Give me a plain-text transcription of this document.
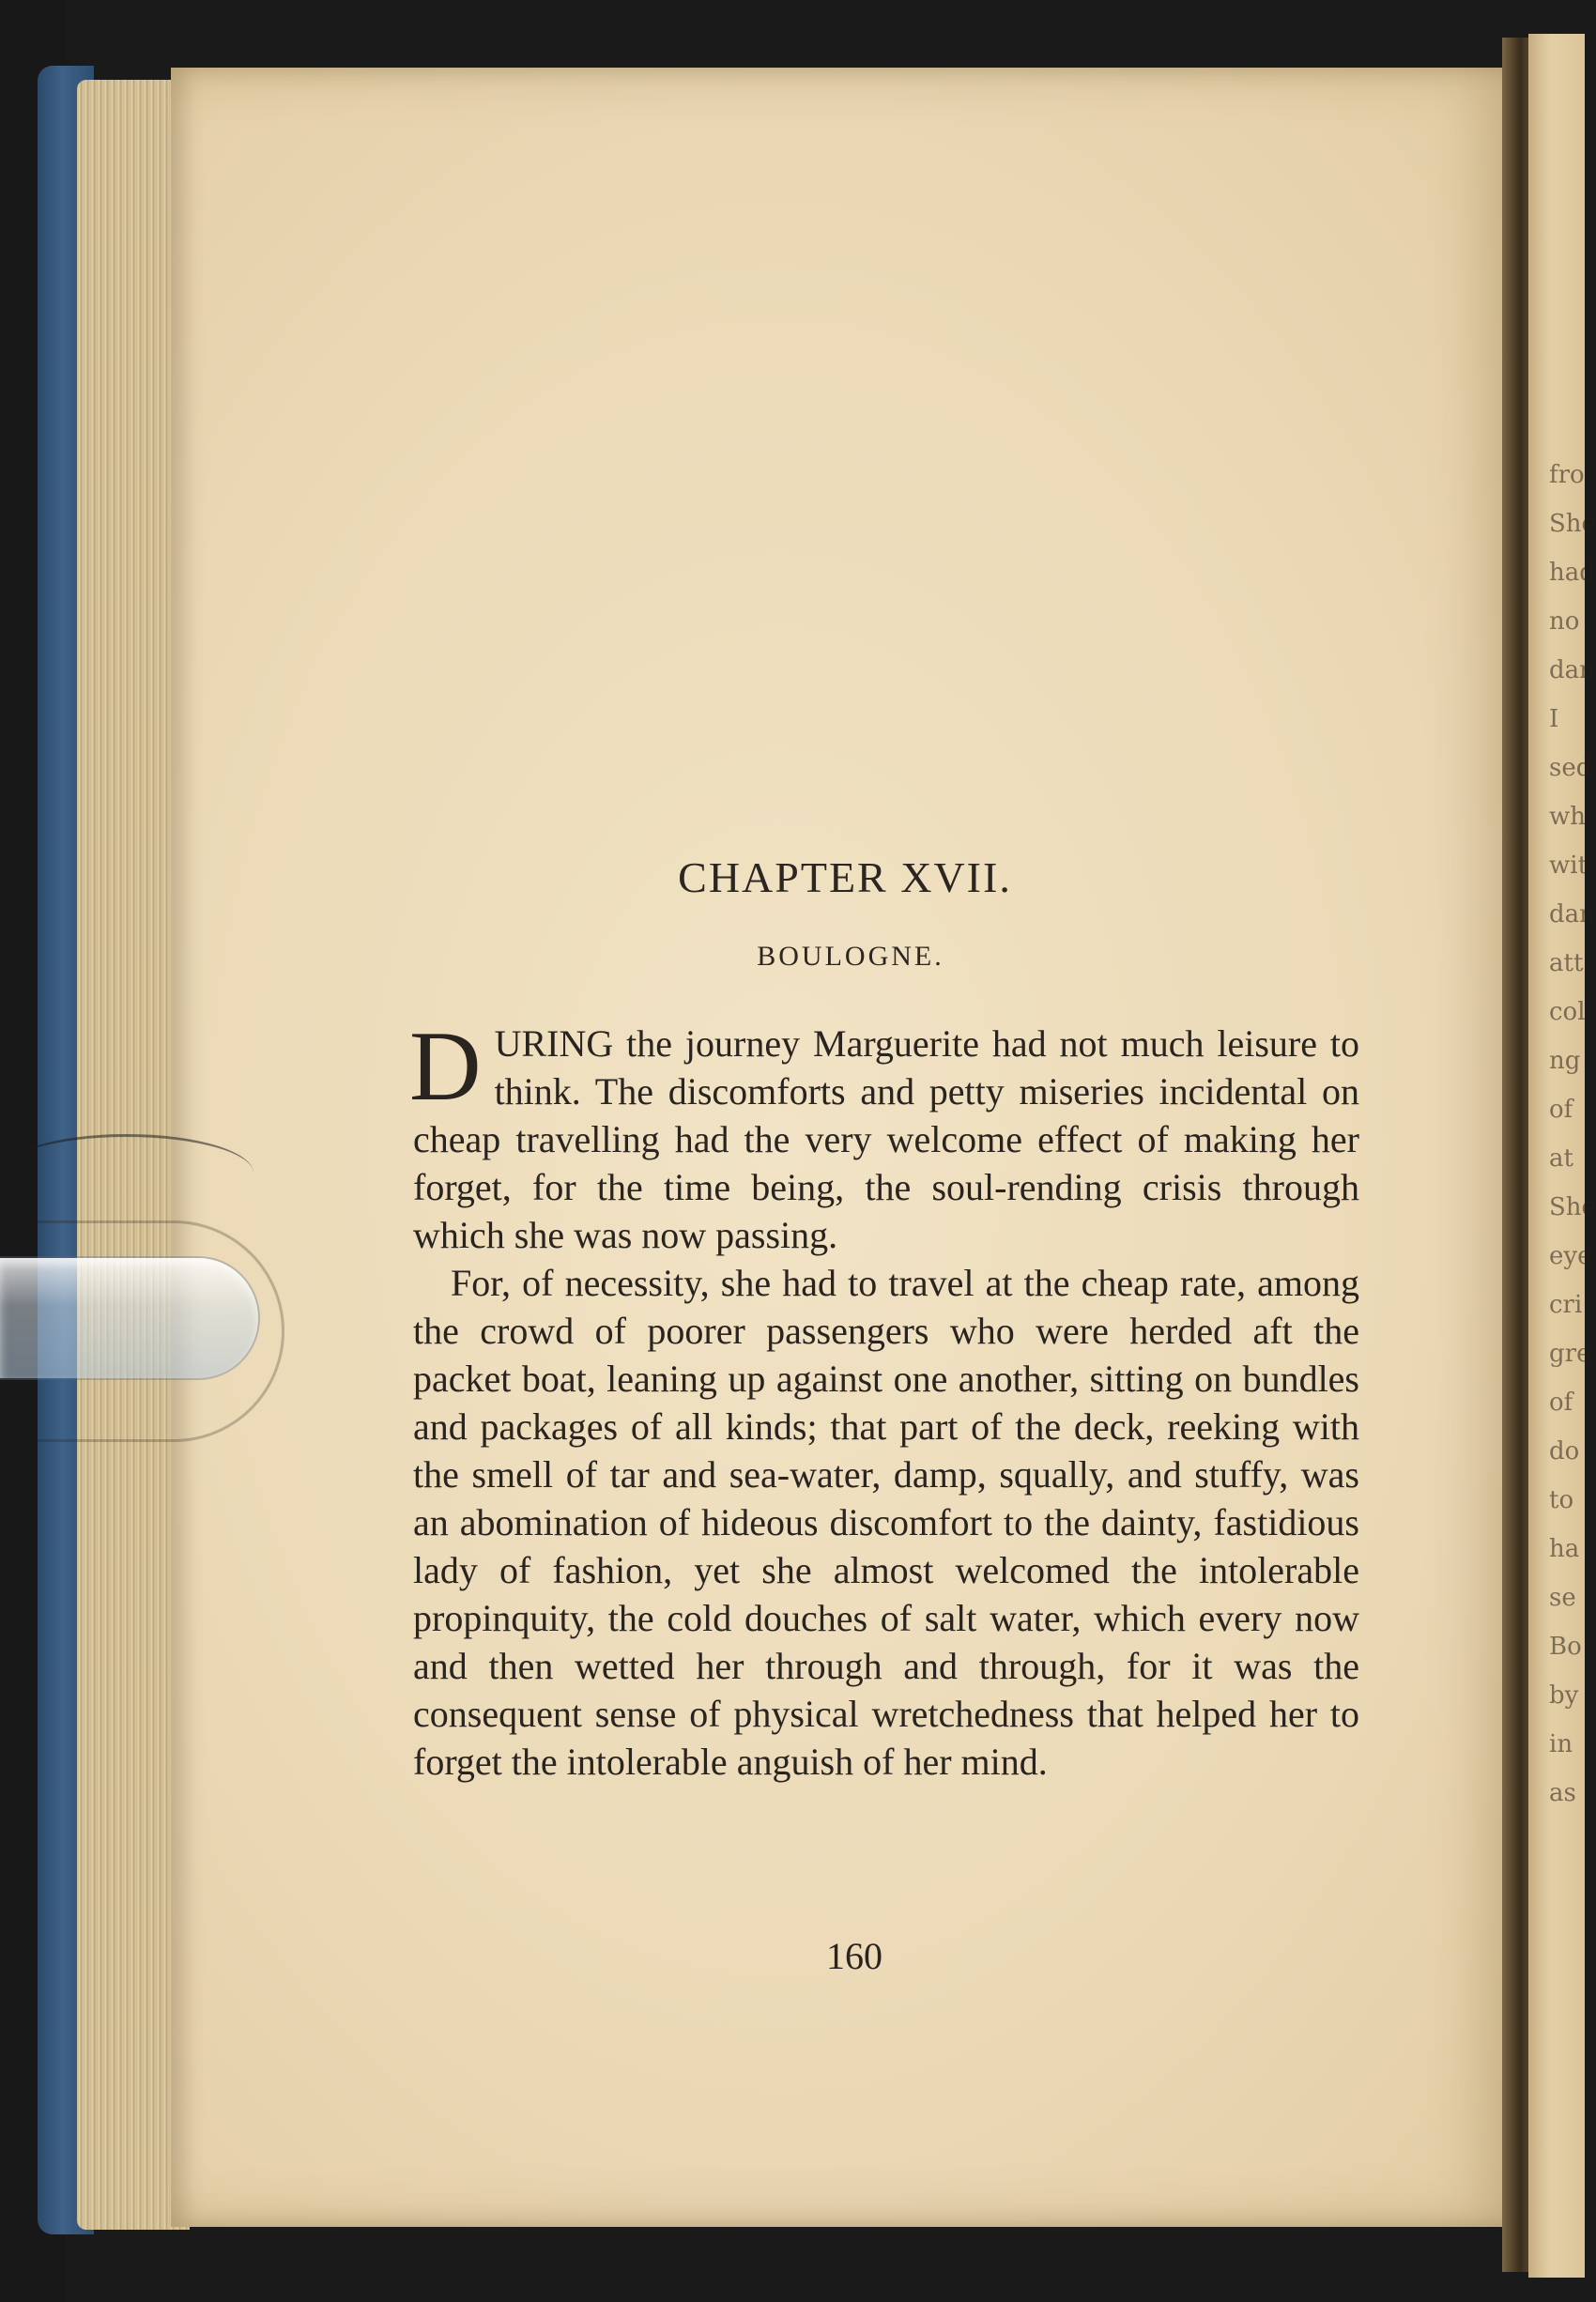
fro
She
had
no
dan
I
sed
wh
wit
dan
att
col
ng
of
at
She
eye
cri
gre
of
do
to
ha
se
Bo
by
in
as

CHAPTER XVII.
BOULOGNE.

DURING the journey Marguerite had not much leisure to think. The discomforts and petty miseries incidental on cheap travelling had the very welcome effect of making her forget, for the time being, the soul-rending crisis through which she was now passing.

For, of necessity, she had to travel at the cheap rate, among the crowd of poorer passengers who were herded aft the packet boat, leaning up against one another, sitting on bundles and packages of all kinds; that part of the deck, reeking with the smell of tar and sea-water, damp, squally, and stuffy, was an abomination of hideous discomfort to the dainty, fastidious lady of fashion, yet she almost welcomed the intolerable propinquity, the cold douches of salt water, which every now and then wetted her through and through, for it was the consequent sense of physical wretchedness that helped her to forget the intolerable anguish of her mind.

160
